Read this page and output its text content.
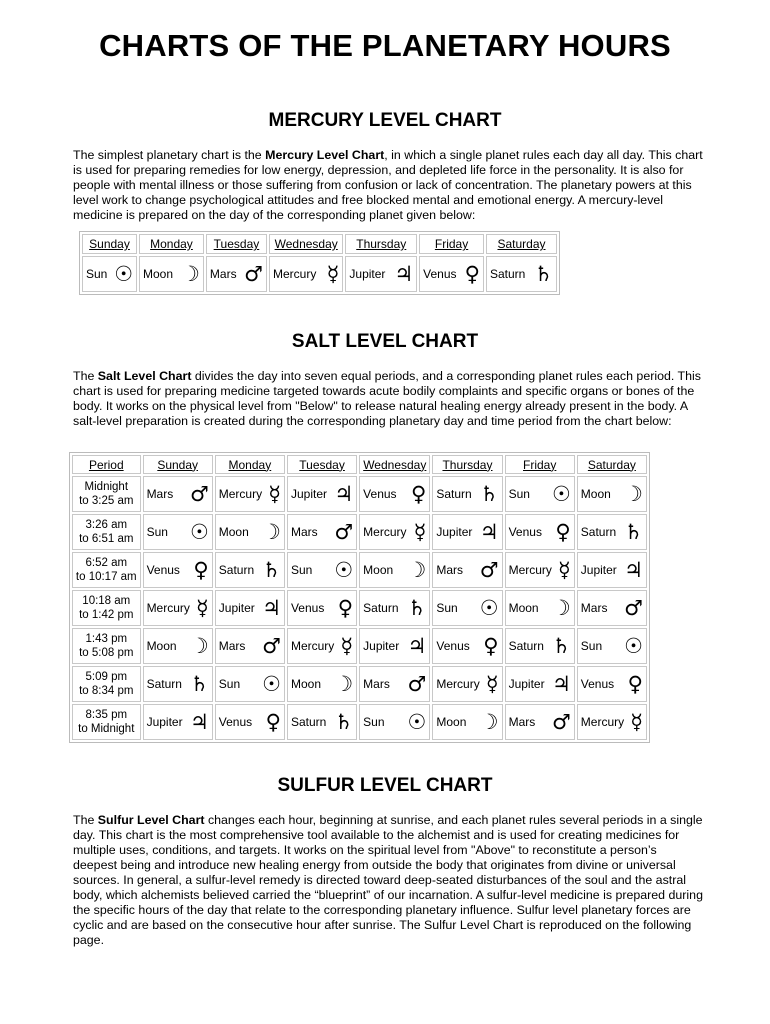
CHARTS OF THE PLANETARY HOURS
MERCURY LEVEL CHART

The simplest planetary chart is the Mercury Level Chart, in which a single planet rules each day all day. This chart is used for preparing remedies for low energy, depression, and depleted life force in the personality. It is also for people with mental illness or those suffering from confusion or lack of concentration. The planetary powers at this level work to change psychological attitudes and free blocked mental and emotional energy. A mercury-level medicine is prepared on the day of the corresponding planet given below:

Sunday	Monday	Tuesday	Wednesday	Thursday	Friday	Saturday

Sun ☉	Moon ☽	Mars ♂	Mercury ☿	Jupiter ♃	Venus ♀	Saturn ♄
SALT LEVEL CHART

The Salt Level Chart divides the day into seven equal periods, and a corresponding planet rules each period. This chart is used for preparing medicine targeted towards acute bodily complaints and specific organs or bones of the body. It works on the physical level from "Below" to release natural healing energy already present in the body. A salt-level preparation is created during the corresponding planetary day and time period from the chart below:

Period	Sunday	Monday	Tuesday	Wednesday	Thursday	Friday	Saturday
Midnight
to 3:25 am	Mars ♂	Mercury ☿	Jupiter ♃	Venus ♀	Saturn ♄	Sun ☉	Moon ☽

3:26 am
to 6:51 am	Sun ☉	Moon ☽	Mars ♂	Mercury ☿	Jupiter ♃	Venus ♀	Saturn ♄

6:52 am
to 10:17 am	Venus ♀	Saturn ♄	Sun ☉	Moon ☽	Mars ♂	Mercury ☿	Jupiter ♃

10:18 am
to 1:42 pm	Mercury ☿	Jupiter ♃	Venus ♀	Saturn ♄	Sun ☉	Moon ☽	Mars ♂

1:43 pm
to 5:08 pm	Moon ☽	Mars ♂	Mercury ☿	Jupiter ♃	Venus ♀	Saturn ♄	Sun ☉

5:09 pm
to 8:34 pm	Saturn ♄	Sun ☉	Moon ☽	Mars ♂	Mercury ☿	Jupiter ♃	Venus ♀

8:35 pm
to Midnight	Jupiter ♃	Venus ♀	Saturn ♄	Sun ☉	Moon ☽	Mars ♂	Mercury ☿
SULFUR LEVEL CHART

The Sulfur Level Chart changes each hour, beginning at sunrise, and each planet rules several periods in a single day. This chart is the most comprehensive tool available to the alchemist and is used for creating medicines for multiple uses, conditions, and targets. It works on the spiritual level from "Above" to reconstitute a person’s deepest being and introduce new healing energy from outside the body that originates from divine or universal sources. In general, a sulfur-level remedy is directed toward deep-seated disturbances of the soul and the astral body, which alchemists believed carried the “blueprint” of our incarnation. A sulfur-level medicine is prepared during the specific hours of the day that relate to the corresponding planetary influence. Sulfur level planetary forces are cyclic and are based on the consecutive hour after sunrise. The Sulfur Level Chart is reproduced on the following page.
